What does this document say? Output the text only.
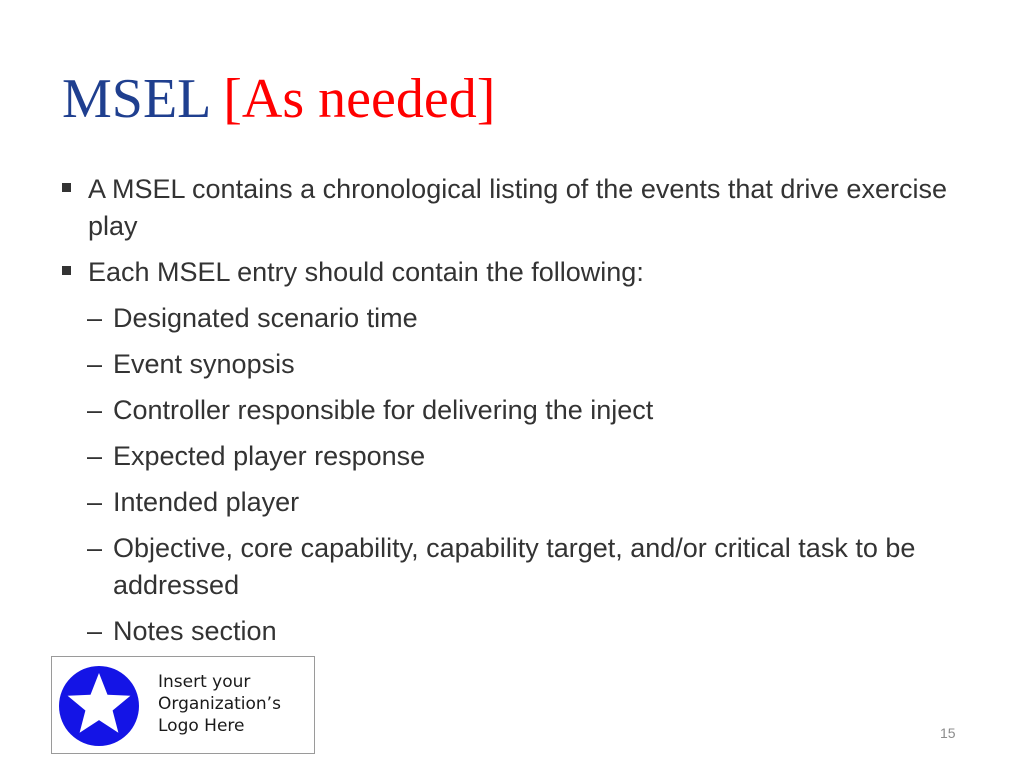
MSEL [As needed]
A MSEL contains a chronological listing of the events that drive exercise play
Each MSEL entry should contain the following:
– Designated scenario time
– Event synopsis
– Controller responsible for delivering the inject
– Expected player response
– Intended player
– Objective, core capability, capability target, and/or critical task to be addressed
– Notes section
Insert your
Organization’s
Logo Here	15
